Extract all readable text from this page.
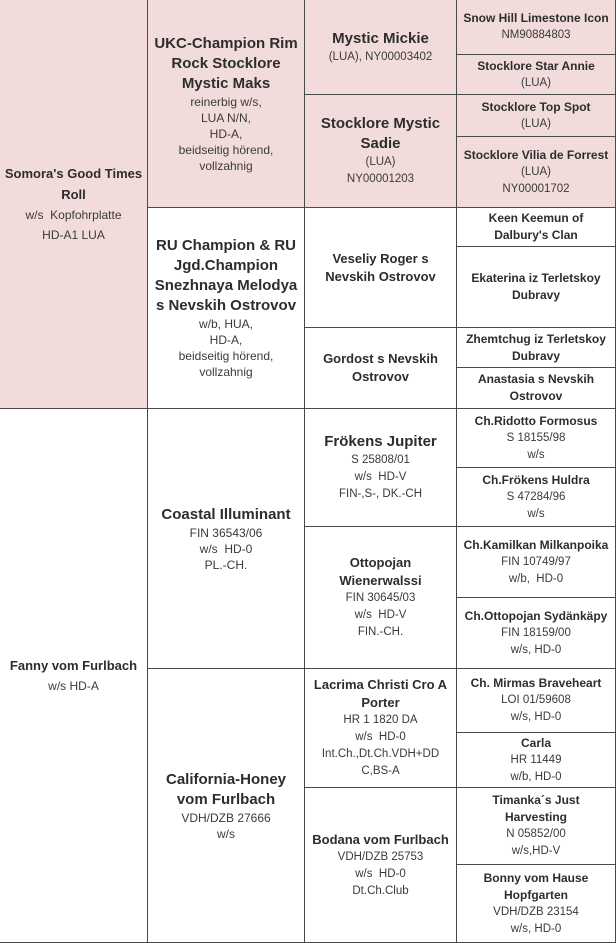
Somora's Good Times Roll
w/s  Kopfohrplatte
HD-A1 LUA
Fanny vom Furlbach
w/s HD-A
UKC-Champion Rim Rock Stocklore Mystic Maks
reinerbig w/s,
LUA N/N,
HD-A,
beidseitig hörend,
vollzahnig
RU Champion & RU Jgd.Champion Snezhnaya Melodya s Nevskih Ostrovov
w/b, HUA,
HD-A,
beidseitig hörend,
vollzahnig
Coastal Illuminant
FIN 36543/06
w/s  HD-0
PL.-CH.
California-Honey vom Furlbach
VDH/DZB 27666
w/s
Mystic Mickie
(LUA), NY00003402
Stocklore Mystic Sadie
(LUA)
NY00001203
Veseliy Roger s Nevskih Ostrovov
Gordost s Nevskih Ostrovov
Frökens Jupiter
S 25808/01
w/s  HD-V
FIN-,S-, DK.-CH
Ottopojan Wienerwalssi
FIN 30645/03
w/s  HD-V
FIN.-CH.
Lacrima Christi Cro A Porter
HR 1 1820 DA
w/s  HD-0
Int.Ch.,Dt.Ch.VDH+DD
C,BS-A
Bodana vom Furlbach
VDH/DZB 25753
w/s  HD-0
Dt.Ch.Club
Snow Hill Limestone Icon
NM90884803
Stocklore Star Annie
(LUA)
Stocklore Top Spot
(LUA)
Stocklore Vilia de Forrest
(LUA)
NY00001702
Keen Keemun of Dalbury's Clan
Ekaterina iz Terletskoy Dubravy
Zhemtchug iz Terletskoy Dubravy
Anastasia s Nevskih Ostrovov
Ch.Ridotto Formosus
S 18155/98
w/s
Ch.Frökens Huldra
S 47284/96
w/s
Ch.Kamilkan Milkanpoika
FIN 10749/97
w/b,  HD-0
Ch.Ottopojan Sydänkäpy
FIN 18159/00
w/s, HD-0
Ch. Mirmas Braveheart
LOI 01/59608
w/s, HD-0
Carla
HR 11449
w/b, HD-0
Timanka´s Just Harvesting
N 05852/00
w/s,HD-V
Bonny vom Hause Hopfgarten
VDH/DZB 23154
w/s, HD-0
